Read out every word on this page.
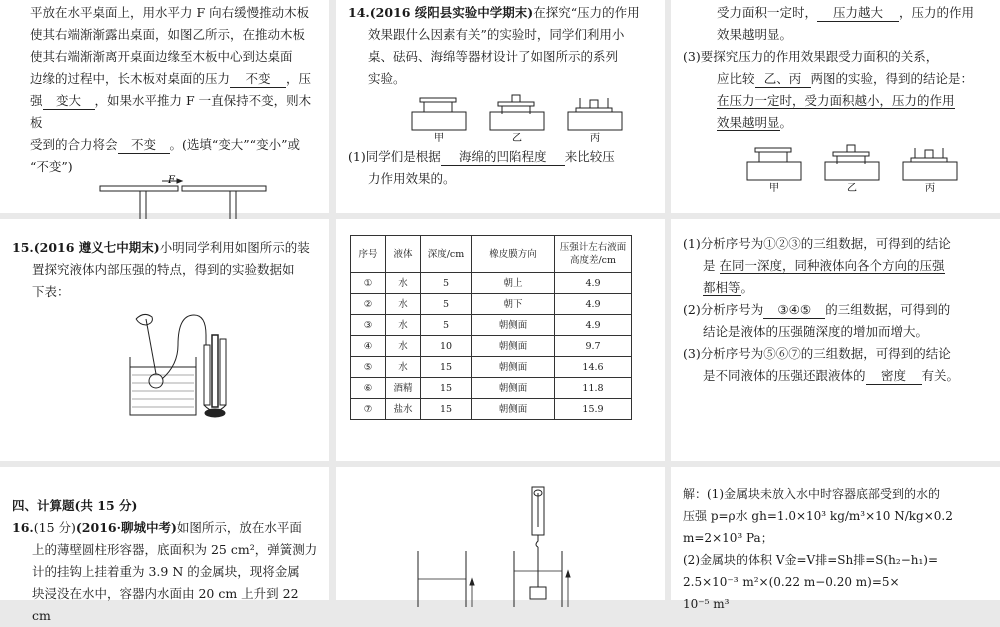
平放在水平桌面上，用水平力 F 向右缓慢推动木板

使其右端渐渐露出桌面，如图乙所示，在推动木板

使其右端渐渐离开桌面边缘至木板中心到达桌面

边缘的过程中，长木板对桌面的压力 不变 ，压

强 变大 ，如果水平推力 F 一直保持不变，则木板

受到的合力将会 不变 。(选填“变大”“变小”或

“不变”)

F

14.(2016 绥阳县实验中学期末)在探究“压力的作用

效果跟什么因素有关”的实验时，同学们利用小

桌、砝码、海绵等器材设计了如图所示的系列

实验。

甲	乙	丙

(1)同学们是根据 海绵的凹陷程度 来比较压

力作用效果的。

受力面积一定时， 压力越大 ，压力的作用

效果越明显。

(3)要探究压力的作用效果跟受力面积的关系，

应比较 乙、丙 两图的实验，得到的结论是：

在压力一定时，受力面积越小，压力的作用

效果越明显。

甲	乙	丙

15.(2016 遵义七中期末)小明同学利用如图所示的装

置探究液体内部压强的特点，得到的实验数据如

下表：

序号	液体	深度/cm	橡皮膜方向	压强计左右液面高度差/cm
①	水	5	朝上	4.9
②	水	5	朝下	4.9
③	水	5	朝侧面	4.9
④	水	10	朝侧面	9.7
⑤	水	15	朝侧面	14.6
⑥	酒精	15	朝侧面	11.8
⑦	盐水	15	朝侧面	15.9

(1)分析序号为①②③的三组数据，可得到的结论

是 在同一深度，同种液体向各个方向的压强

都相等。

(2)分析序号为 ③④⑤ 的三组数据，可得到的

结论是液体的压强随深度的增加而增大。

(3)分析序号为⑤⑥⑦的三组数据，可得到的结论

是不同液体的压强还跟液体的 密度 有关。

四、计算题(共 15 分)

16.(15 分)(2016·聊城中考)如图所示，放在水平面

上的薄壁圆柱形容器，底面积为 25 cm²，弹簧测力

计的挂钩上挂着重为 3.9 N 的金属块，现将金属

块浸没在水中，容器内水面由 20 cm 上升到 22 cm

解：(1)金属块未放入水中时容器底部受到的水的

压强 p=ρ水 gh=1.0×10³ kg/m³×10 N/kg×0.2

m=2×10³ Pa；

(2)金属块的体积 V金=V排=Sh排=S(h₂−h₁)=

2.5×10⁻³ m²×(0.22 m−0.20 m)=5×

10⁻⁵ m³
